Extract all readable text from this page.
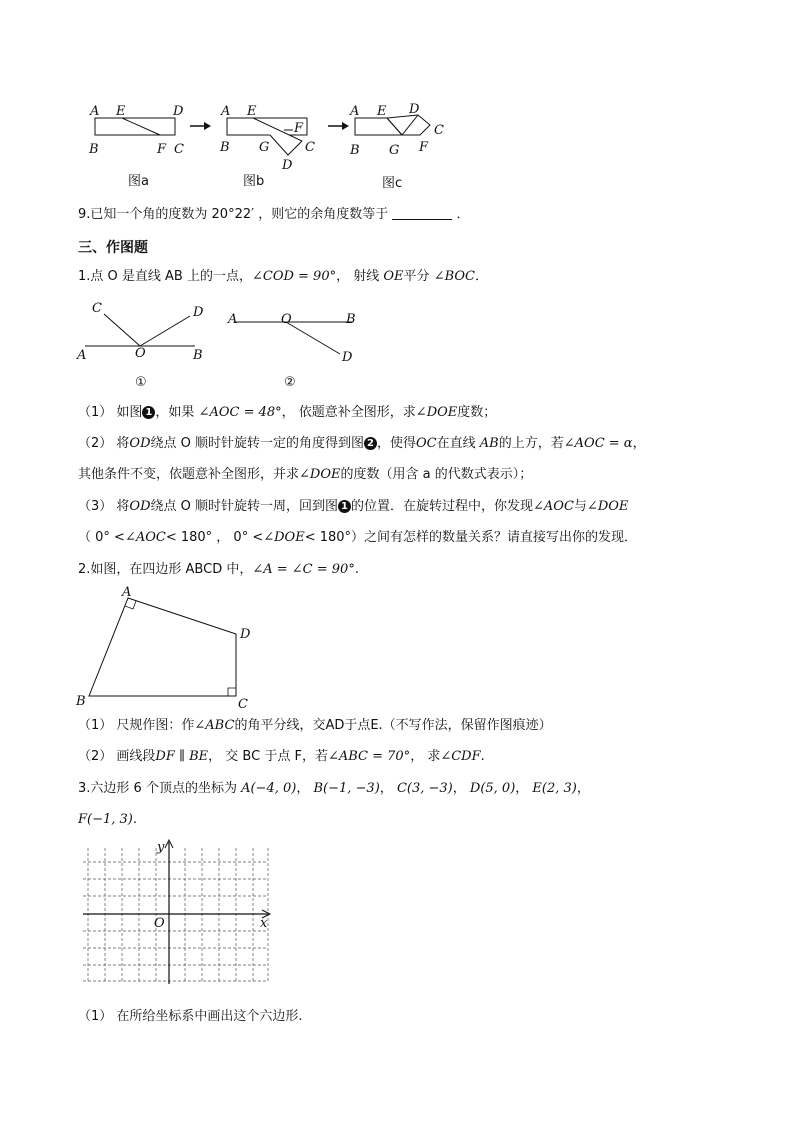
A E	D
B	F C
A E
F
B G	C
D
A E D
C
B G F
图a	图b	图c
9.已知一个角的度数为 20°22′ ，则它的余角度数等于	．
三、作图题
1.点 O 是直线 AB 上的一点，∠COD = 90°， 射线 OE平分 ∠BOC．
C	D
A	O	B
①
A	O	B
D
②
（1） 如图 1 ，如果 ∠AOC = 48°， 依题意补全图形，求∠DOE度数；
（2） 将OD绕点 O 顺时针旋转一定的角度得到图 2 ，使得OC在直线 AB的上方，若∠AOC = α，
其他条件不变，依题意补全图形，并求∠DOE的度数（用含 a 的代数式表示）；
（3） 将OD绕点 O 顺时针旋转一周，回到图 1 的位置．在旋转过程中，你发现∠AOC与∠DOE
（ 0° <∠AOC< 180° ， 0° <∠DOE< 180°）之间有怎样的数量关系？请直接写出你的发现．
2.如图，在四边形 ABCD 中，∠A = ∠C = 90°.
A
D
B	C
（1） 尺规作图：作∠ABC的角平分线，交AD于点E.（不写作法，保留作图痕迹）
（2） 画线段DF ∥ BE， 交 BC 于点 F，若∠ABC = 70°， 求∠CDF.
3.六边形 6 个顶点的坐标为 A(−4, 0)， B(−1, −3)， C(3, −3)， D(5, 0)， E(2, 3)，
F(−1, 3).
y
O	x
（1） 在所给坐标系中画出这个六边形.
